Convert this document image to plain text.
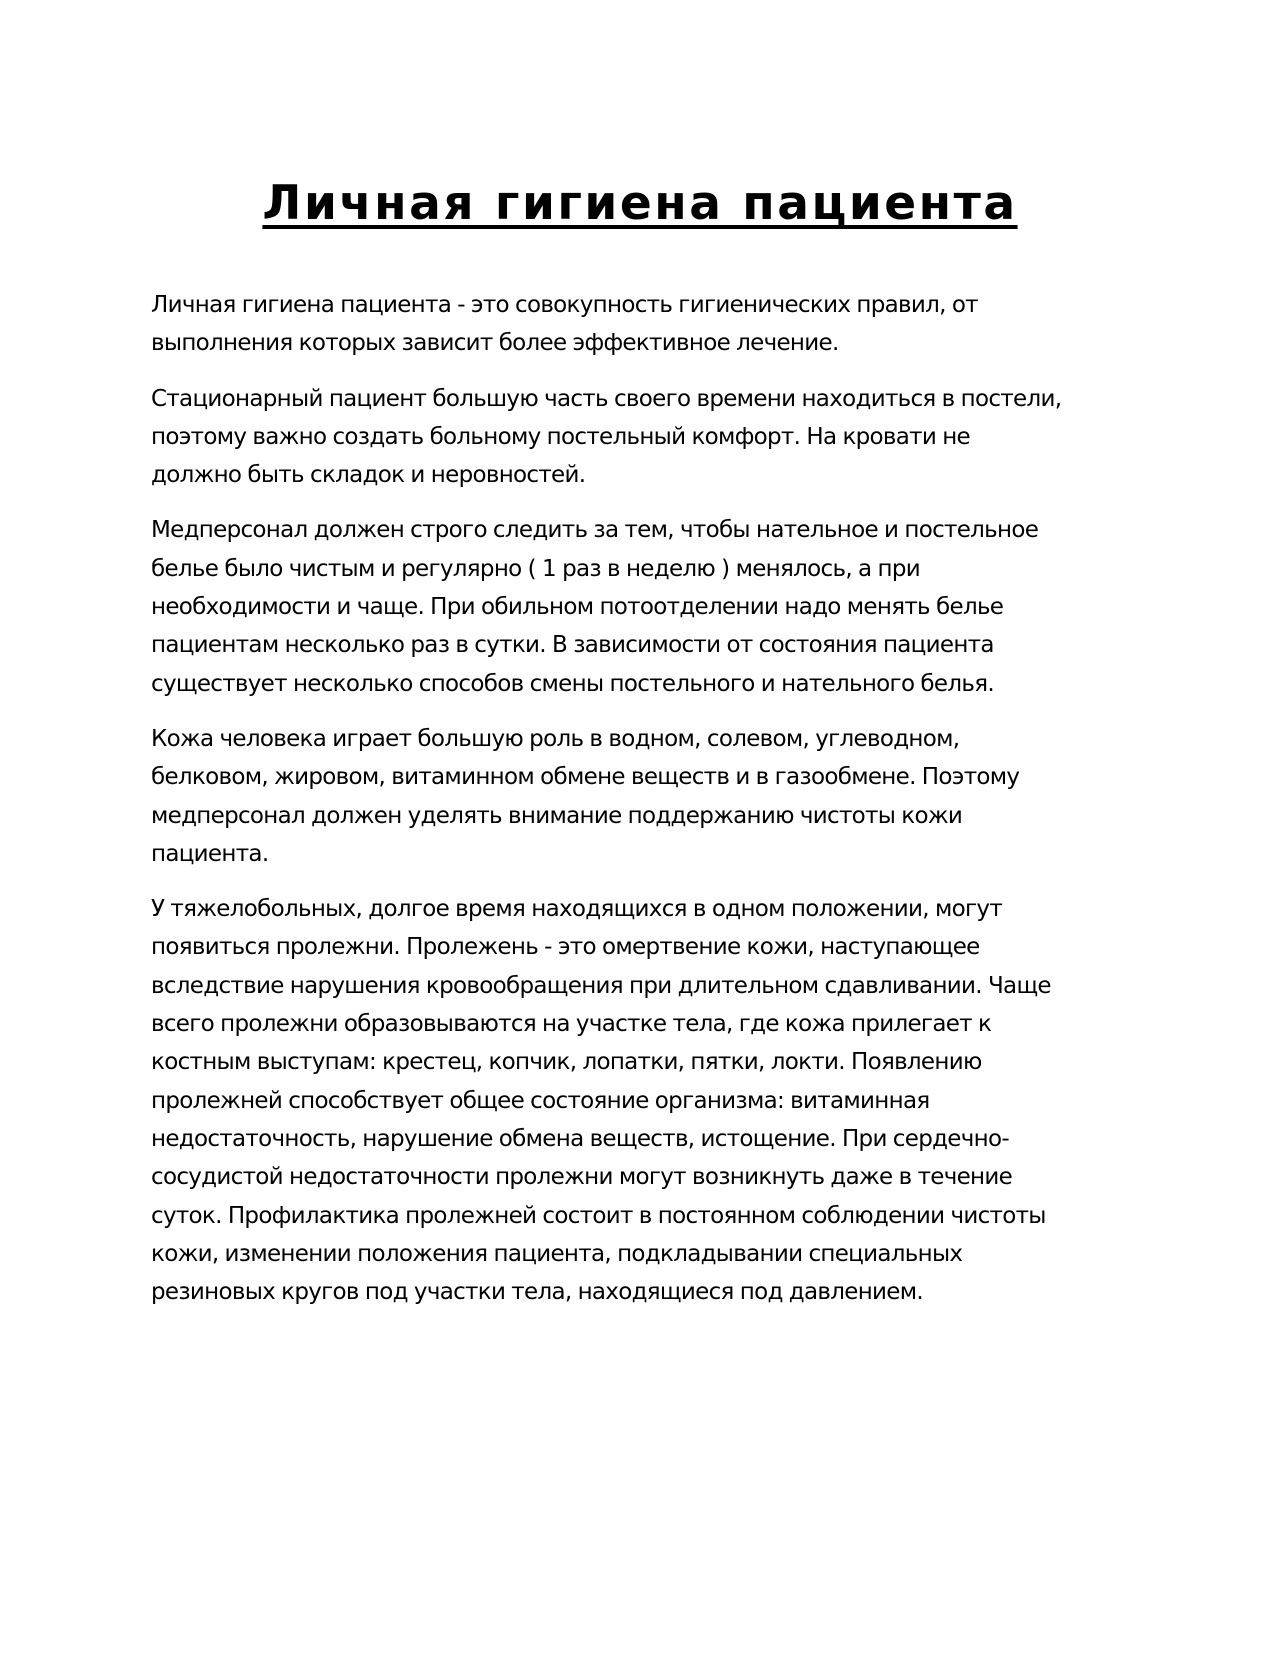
Личная гигиена пациента

Личная гигиена пациента - это совокупность гигиенических правил, от
выполнения которых зависит более эффективное лечение.

Стационарный пациент большую часть своего времени находиться в постели,
поэтому важно создать больному постельный комфорт. На кровати не
должно быть складок и неровностей.

Медперсонал должен строго следить за тем, чтобы нательное и постельное
белье было чистым и регулярно ( 1 раз в неделю ) менялось, а при
необходимости и чаще. При обильном потоотделении надо менять белье
пациентам несколько раз в сутки. В зависимости от состояния пациента
существует несколько способов смены постельного и нательного белья.

Кожа человека играет большую роль в водном, солевом, углеводном,
белковом, жировом, витаминном обмене веществ и в газообмене. Поэтому
медперсонал должен уделять внимание поддержанию чистоты кожи
пациента.

У тяжелобольных, долгое время находящихся в одном положении, могут
появиться пролежни. Пролежень - это омертвение кожи, наступающее
вследствие нарушения кровообращения при длительном сдавливании. Чаще
всего пролежни образовываются на участке тела, где кожа прилегает к
костным выступам: крестец, копчик, лопатки, пятки, локти. Появлению
пролежней способствует общее состояние организма: витаминная
недостаточность, нарушение обмена веществ, истощение. При сердечно-
сосудистой недостаточности пролежни могут возникнуть даже в течение
суток. Профилактика пролежней состоит в постоянном соблюдении чистоты
кожи, изменении положения пациента, подкладывании специальных
резиновых кругов под участки тела, находящиеся под давлением.
